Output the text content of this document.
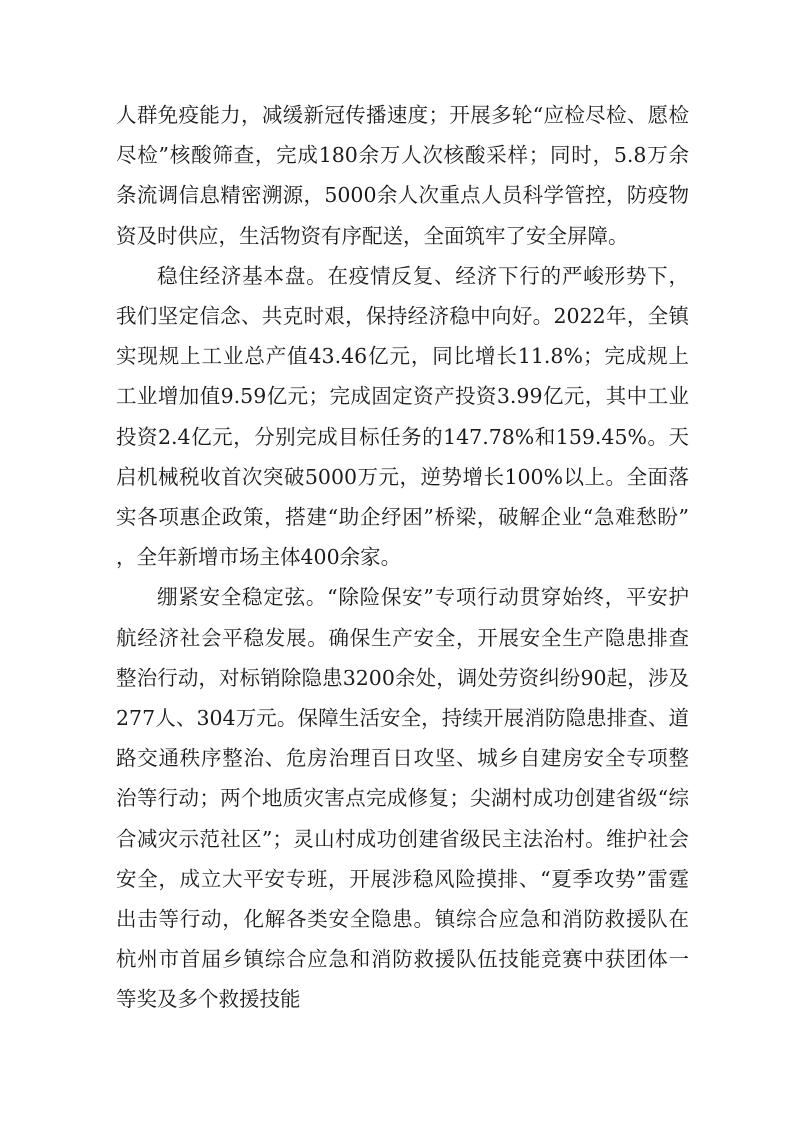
人群免疫能力，减缓新冠传播速度；开展多轮“应检尽检、愿检尽检”核酸筛查，完成180余万人次核酸采样；同时，5.8万余条流调信息精密溯源，5000余人次重点人员科学管控，防疫物资及时供应，生活物资有序配送，全面筑牢了安全屏障。

稳住经济基本盘。在疫情反复、经济下行的严峻形势下，我们坚定信念、共克时艰，保持经济稳中向好。2022年，全镇实现规上工业总产值43.46亿元，同比增长11.8%；完成规上工业增加值9.59亿元；完成固定资产投资3.99亿元，其中工业投资2.4亿元，分别完成目标任务的147.78%和159.45%。天启机械税收首次突破5000万元，逆势增长100%以上。全面落实各项惠企政策，搭建“助企纾困”桥梁，破解企业“急难愁盼”，全年新增市场主体400余家。

绷紧安全稳定弦。“除险保安”专项行动贯穿始终，平安护航经济社会平稳发展。确保生产安全，开展安全生产隐患排查整治行动，对标销除隐患3200余处，调处劳资纠纷90起，涉及277人、304万元。保障生活安全，持续开展消防隐患排查、道路交通秩序整治、危房治理百日攻坚、城乡自建房安全专项整治等行动；两个地质灾害点完成修复；尖湖村成功创建省级“综合减灾示范社区”；灵山村成功创建省级民主法治村。维护社会安全，成立大平安专班，开展涉稳风险摸排、“夏季攻势”雷霆出击等行动，化解各类安全隐患。镇综合应急和消防救援队在杭州市首届乡镇综合应急和消防救援队伍技能竞赛中获团体一等奖及多个救援技能
